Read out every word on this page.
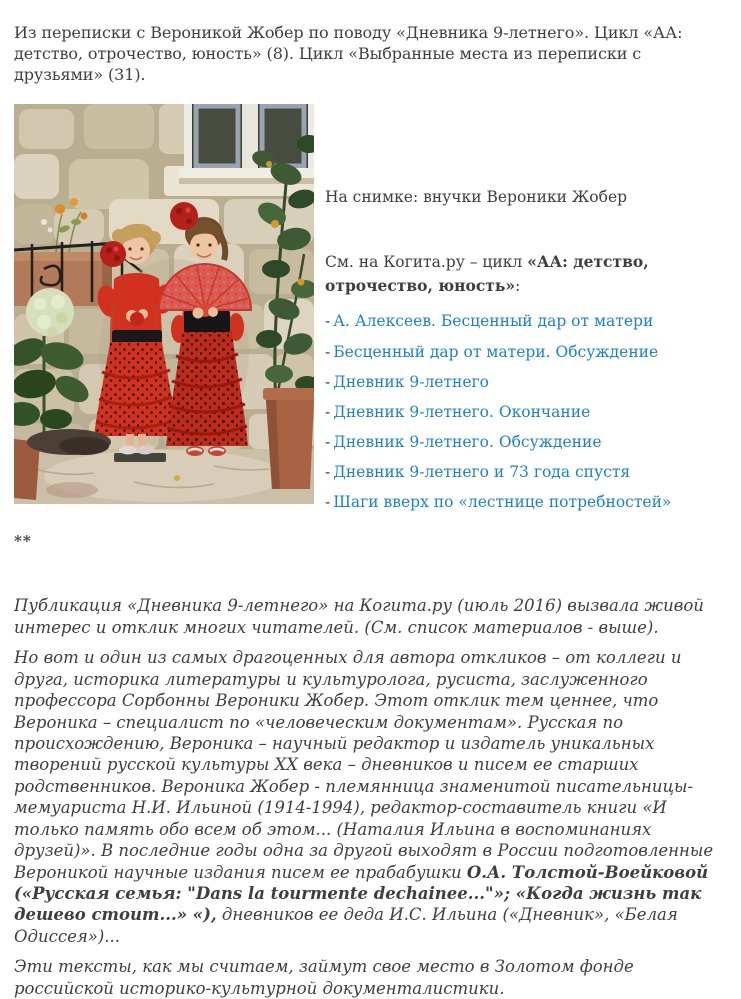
Из переписки с Вероникой Жобер по поводу «Дневника 9-летнего». Цикл «АА: детство, отрочество, юность» (8). Цикл «Выбранные места из переписки с друзьями» (31).

На снимке: внучки Вероники Жобер

См. на Когита.ру – цикл «АА: детство, отрочество, юность»:

- А. Алексеев. Бесценный дар от матери
- Бесценный дар от матери. Обсуждение
- Дневник 9-летнего
- Дневник 9-летнего. Окончание
- Дневник 9-летнего. Обсуждение
- Дневник 9-летнего и 73 года спустя
- Шаги вверх по «лестнице потребностей»

**

Публикация «Дневника 9-летнего» на Когита.ру (июль 2016) вызвала живой интерес и отклик многих читателей. (См. список материалов - выше).

Но вот и один из самых драгоценных для автора откликов – от коллеги и друга, историка литературы и культуролога, русиста, заслуженного профессора Сорбонны Вероники Жобер. Этот отклик тем ценнее, что Вероника – специалист по «человеческим документам». Русская по происхождению, Вероника – научный редактор и издатель уникальных творений русской культуры XX века – дневников и писем ее старших родственников. Вероника Жобер - племянница знаменитой писательницы-мемуариста Н.И. Ильиной (1914-1994), редактор-составитель книги «И только память обо всем об этом... (Наталия Ильина в воспоминаниях друзей)». В последние годы одна за другой выходят в России подготовленные Вероникой научные издания писем ее прабабушки О.А. Толстой-Воейковой («Русская семья: "Dans la tourmente dechainee..."»; «Когда жизнь так дешево стоит...» «), дневников ее деда И.С. Ильина («Дневник», «Белая Одиссея»)...

Эти тексты, как мы считаем, займут свое место в Золотом фонде российской историко-культурной документалистики.
